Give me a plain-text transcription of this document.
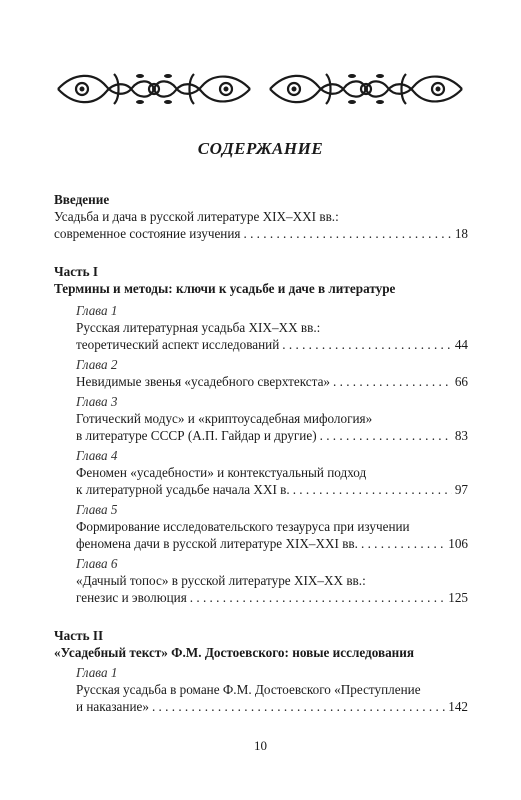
СОДЕРЖАНИЕ
Введение
Усадьба и дача в русской литературе XIX–XXI вв.:
современное состояние изучения . . .	18
Часть I
Термины и методы: ключи к усадьбе и даче в литературе
Глава 1
Русская литературная усадьба XIX–XX вв.:
теоретический аспект исследований . . .	44
Глава 2
Невидимые звенья «усадебного сверхтекста» . . .	66
Глава 3
Готический модус» и «криптоусадебная мифология»
в литературе СССР (А.П. Гайдар и другие) . . .	83
Глава 4
Феномен «усадебности» и контекстуальный подход
к литературной усадьбе начала XXI в. . . .	97
Глава 5
Формирование исследовательского тезауруса при изучении
феномена дачи в русской литературе XIX–XXI вв. . . .	106
Глава 6
«Дачный топос» в русской литературе XIX–XX вв.:
генезис и эволюция . . .	125
Часть II
«Усадебный текст» Ф.М. Достоевского: новые исследования
Глава 1
Русская усадьба в романе Ф.М. Достоевского «Преступление
и наказание» . . .	142
10
